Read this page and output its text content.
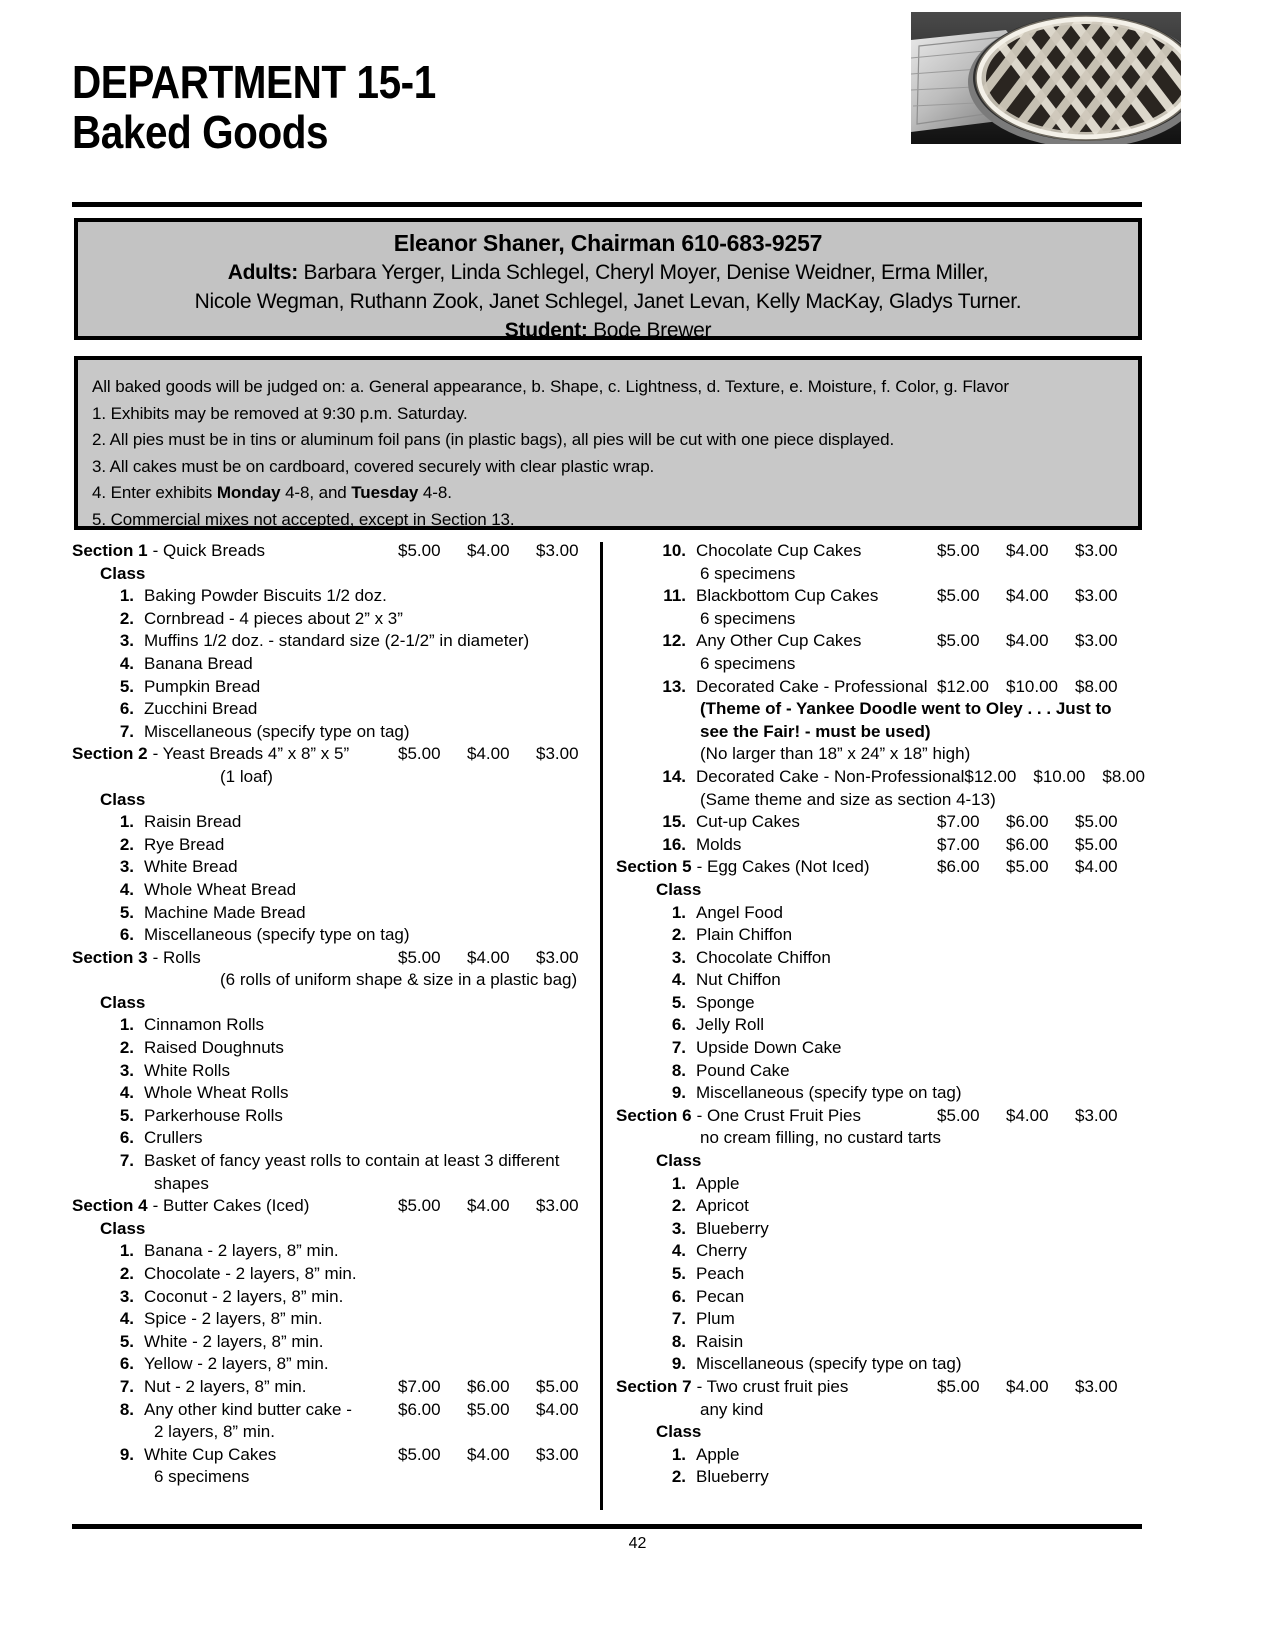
DEPARTMENT 15-1
Baked Goods
Eleanor Shaner, Chairman 610-683-9257
Adults: Barbara Yerger, Linda Schlegel, Cheryl Moyer, Denise Weidner, Erma Miller,
Nicole Wegman, Ruthann Zook, Janet Schlegel, Janet Levan, Kelly MacKay, Gladys Turner.
Student: Bode Brewer
All baked goods will be judged on: a. General appearance, b. Shape, c. Lightness, d. Texture, e. Moisture, f. Color, g. Flavor
1. Exhibits may be removed at 9:30 p.m. Saturday.
2. All pies must be in tins or aluminum foil pans (in plastic bags), all pies will be cut with one piece displayed.
3. All cakes must be on cardboard, covered securely with clear plastic wrap.
4. Enter exhibits Monday 4-8, and Tuesday 4-8.
5. Commercial mixes not accepted, except in Section 13.
Section 1 - Quick Breads	$5.00	$4.00	$3.00
Class
1. Baking Powder Biscuits 1/2 doz.
2. Cornbread - 4 pieces about 2” x 3”
3. Muffins 1/2 doz. - standard size (2-1/2” in diameter)
4. Banana Bread
5. Pumpkin Bread
6. Zucchini Bread
7. Miscellaneous (specify type on tag)
Section 2 - Yeast Breads 4” x 8” x 5”	$5.00	$4.00	$3.00
(1 loaf)
Class
1. Raisin Bread
2. Rye Bread
3. White Bread
4. Whole Wheat Bread
5. Machine Made Bread
6. Miscellaneous (specify type on tag)
Section 3 - Rolls	$5.00	$4.00	$3.00
(6 rolls of uniform shape & size in a plastic bag)
Class
1. Cinnamon Rolls
2. Raised Doughnuts
3. White Rolls
4. Whole Wheat Rolls
5. Parkerhouse Rolls
6. Crullers
7. Basket of fancy yeast rolls to contain at least 3 different
shapes
Section 4 - Butter Cakes (Iced)	$5.00	$4.00	$3.00
Class
1. Banana - 2 layers, 8” min.
2. Chocolate - 2 layers, 8” min.
3. Coconut - 2 layers, 8” min.
4. Spice - 2 layers, 8” min.
5. White - 2 layers, 8” min.
6. Yellow - 2 layers, 8” min.
7. Nut - 2 layers, 8” min.	$7.00	$6.00	$5.00
8. Any other kind butter cake -	$6.00	$5.00	$4.00
2 layers, 8” min.
9. White Cup Cakes	$5.00	$4.00	$3.00
6 specimens
10. Chocolate Cup Cakes	$5.00	$4.00	$3.00
6 specimens
11. Blackbottom Cup Cakes	$5.00	$4.00	$3.00
6 specimens
12. Any Other Cup Cakes	$5.00	$4.00	$3.00
6 specimens
13. Decorated Cake - Professional $12.00	$10.00	$8.00
(Theme of - Yankee Doodle went to Oley . . . Just to
see the Fair! - must be used)
(No larger than 18” x 24” x 18” high)
14. Decorated Cake - Non-Professional $12.00	$10.00	$8.00
(Same theme and size as section 4-13)
15. Cut-up Cakes	$7.00	$6.00	$5.00
16. Molds	$7.00	$6.00	$5.00
Section 5 - Egg Cakes (Not Iced)	$6.00	$5.00	$4.00
Class
1. Angel Food
2. Plain Chiffon
3. Chocolate Chiffon
4. Nut Chiffon
5. Sponge
6. Jelly Roll
7. Upside Down Cake
8. Pound Cake
9. Miscellaneous (specify type on tag)
Section 6 - One Crust Fruit Pies	$5.00	$4.00	$3.00
no cream filling, no custard tarts
Class
1. Apple
2. Apricot
3. Blueberry
4. Cherry
5. Peach
6. Pecan
7. Plum
8. Raisin
9. Miscellaneous (specify type on tag)
Section 7 - Two crust fruit pies	$5.00	$4.00	$3.00
any kind
Class
1. Apple
2. Blueberry
42
